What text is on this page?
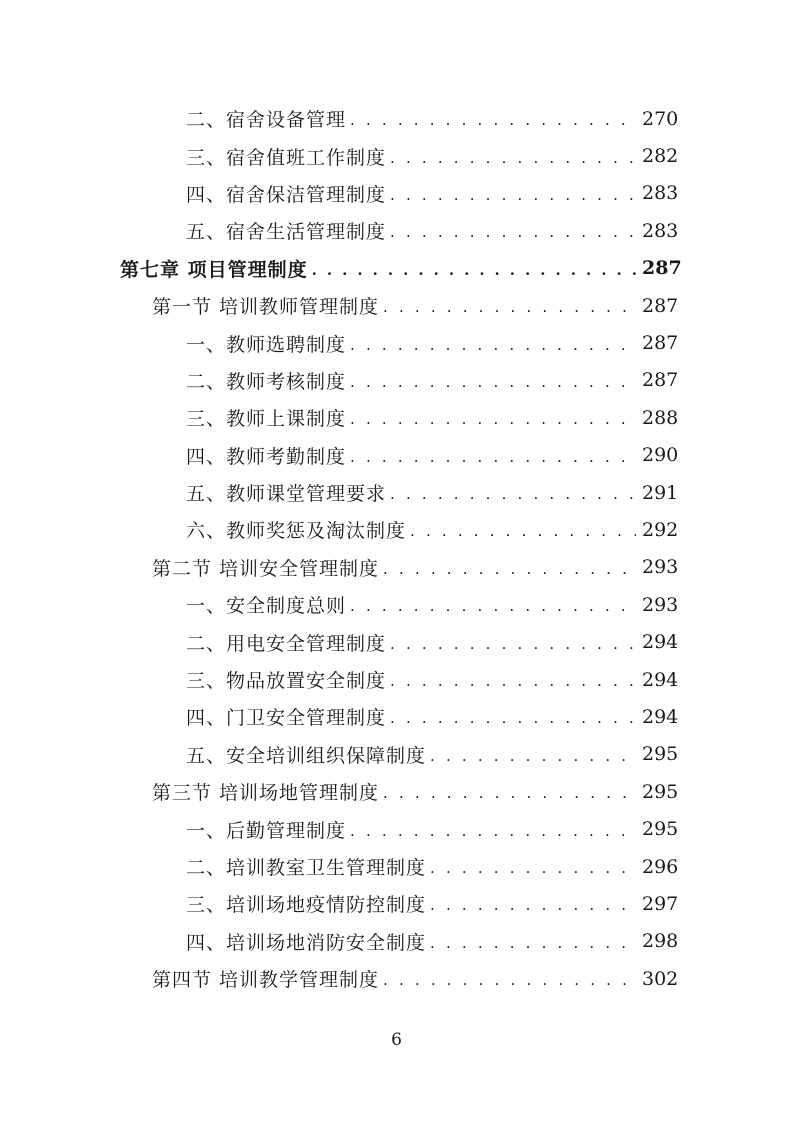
二、宿舍设备管理 . . .	270
三、宿舍值班工作制度 . . .	282
四、宿舍保洁管理制度 . . .	283
五、宿舍生活管理制度 . . .	283
第七章 项目管理制度 . . .	287
第一节 培训教师管理制度 . . .	287
一、教师选聘制度 . . .	287
二、教师考核制度 . . .	287
三、教师上课制度 . . .	288
四、教师考勤制度 . . .	290
五、教师课堂管理要求 . . .	291
六、教师奖惩及淘汰制度 . . .	292
第二节 培训安全管理制度 . . .	293
一、安全制度总则 . . .	293
二、用电安全管理制度 . . .	294
三、物品放置安全制度 . . .	294
四、门卫安全管理制度 . . .	294
五、安全培训组织保障制度 . . .	295
第三节 培训场地管理制度 . . .	295
一、后勤管理制度 . . .	295
二、培训教室卫生管理制度 . . .	296
三、培训场地疫情防控制度 . . .	297
四、培训场地消防安全制度 . . .	298
第四节 培训教学管理制度 . . .	302
6
